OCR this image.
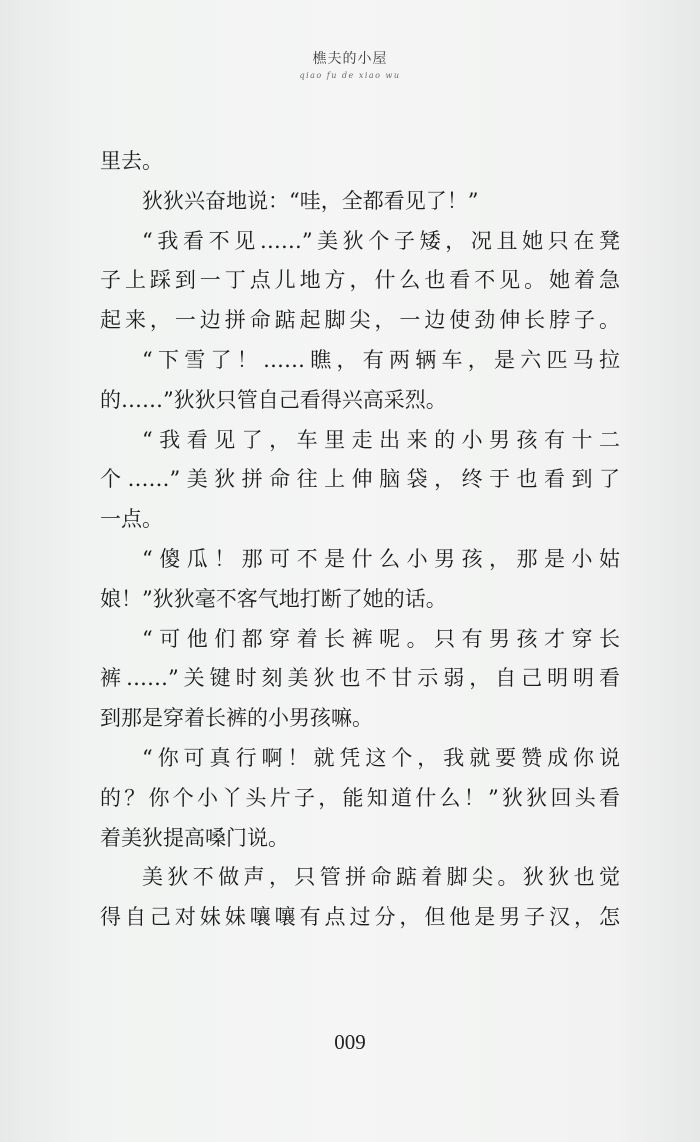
樵夫的小屋
qiao fu de xiao wu
里去。
狄狄兴奋地说：“哇，全都看见了！”
“我看不见……”美狄个子矮，况且她只在凳
子上踩到一丁点儿地方，什么也看不见。她着急
起来，一边拼命踮起脚尖，一边使劲伸长脖子。
“下雪了！……瞧，有两辆车，是六匹马拉
的……”狄狄只管自己看得兴高采烈。
“我看见了，车里走出来的小男孩有十二
个……”美狄拼命往上伸脑袋，终于也看到了
一点。
“傻瓜！那可不是什么小男孩，那是小姑
娘！”狄狄毫不客气地打断了她的话。
“可他们都穿着长裤呢。只有男孩才穿长
裤……”关键时刻美狄也不甘示弱，自己明明看
到那是穿着长裤的小男孩嘛。
“你可真行啊！就凭这个，我就要赞成你说
的？你个小丫头片子，能知道什么！”狄狄回头看
着美狄提高嗓门说。
美狄不做声，只管拼命踮着脚尖。狄狄也觉
得自己对妹妹嚷嚷有点过分，但他是男子汉，怎
009
